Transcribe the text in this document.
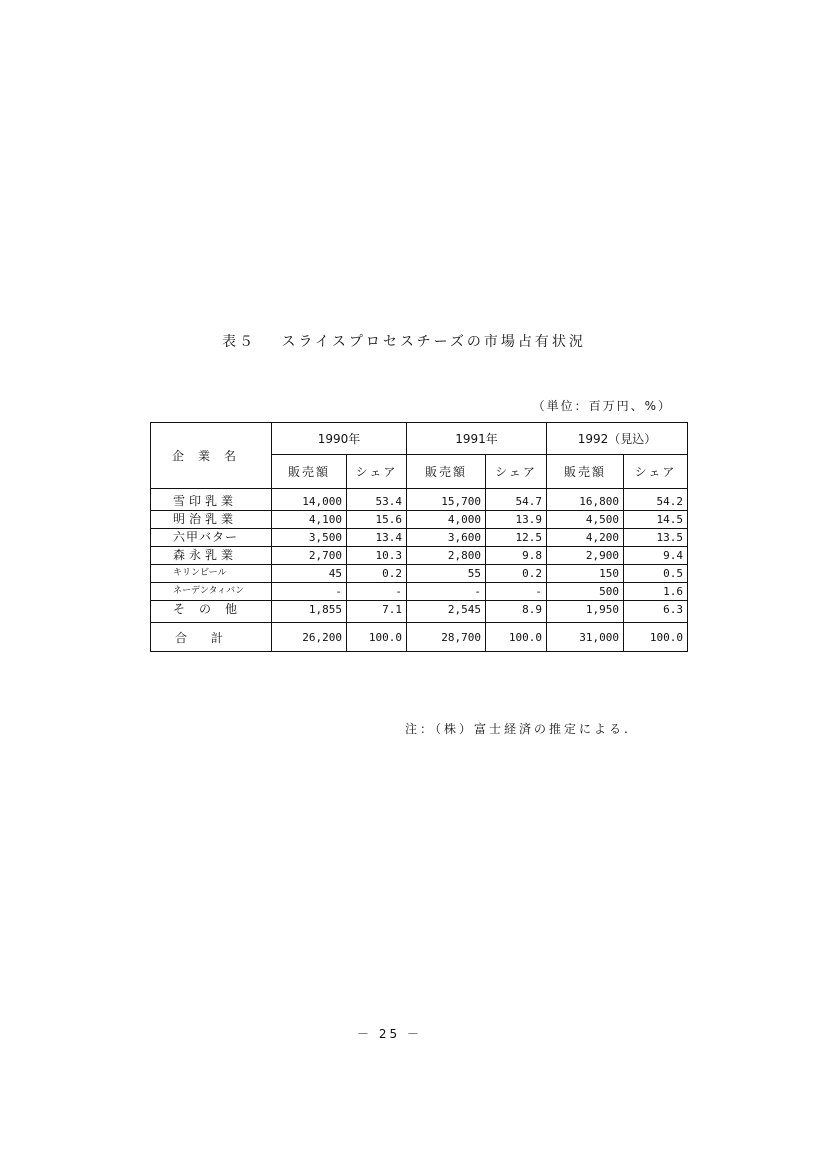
表５ スライスプロセスチーズの市場占有状況
（単位：百万円、%）
企業名	1990年		1991年		1992（見込）	
	販売額	シェア	販売額	シェア	販売額	シェア
雪印乳業	14,000	53.4	15,700	54.7	16,800	54.2
明治乳業	4,100	15.6	4,000	13.9	4,500	14.5
六甲バター	3,500	13.4	3,600	12.5	4,200	13.5
森永乳業	2,700	10.3	2,800	9.8	2,900	9.4
キリンビール	45	0.2	55	0.2	150	0.5
ネーデンタィバン	-	-	-	-	500	1.6
その他	1,855	7.1	2,545	8.9	1,950	6.3
合計	26,200	100.0	28,700	100.0	31,000	100.0
注：（株）富士経済の推定による.
－ 25 －
